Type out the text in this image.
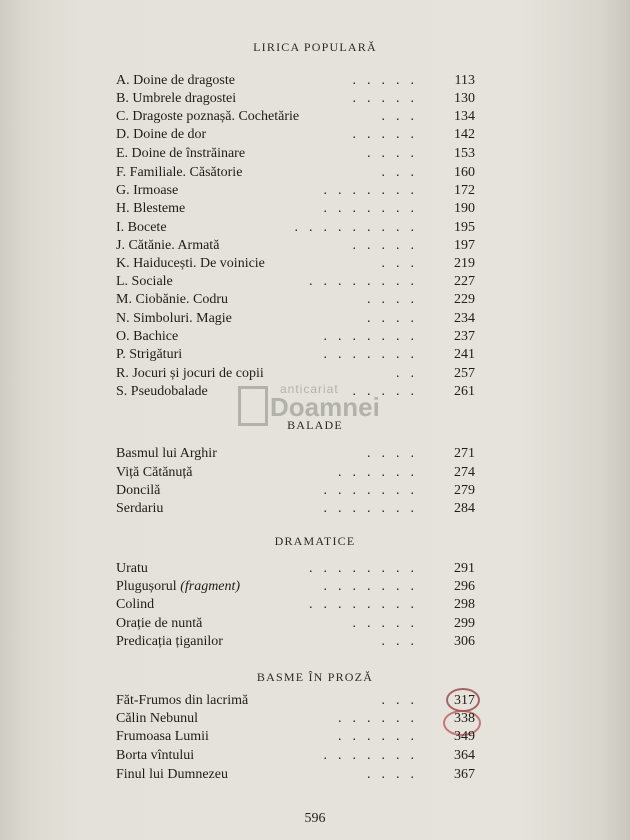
anticariat
Doamnei
LIRICA POPULARĂ
A. Doine de dragoste	..... 113
B. Umbrele dragostei	..... 130
C. Dragoste poznașă. Cochetărie	... 134
D. Doine de dor	..... 142
E. Doine de înstrăinare	.... 153
F. Familiale. Căsătorie	... 160
G. Irmoase	....... 172
H. Blesteme	....... 190
I. Bocete	......... 195
J. Cătănie. Armată	..... 197
K. Haiducești. De voinicie	... 219
L. Sociale	........ 227
M. Ciobănie. Codru	.... 229
N. Simboluri. Magie	.... 234
O. Bachice	....... 237
P. Strigături	....... 241
R. Jocuri și jocuri de copii	.. 257
S. Pseudobalade	..... 261
BALADE
Basmul lui Arghir	.... 271
Viță Cătănuță	...... 274
Doncilă	....... 279
Serdariu	....... 284
DRAMATICE
Uratu	........ 291
Plugușorul (fragment)	....... 296
Colind	........ 298
Orație de nuntă	..... 299
Predicația țiganilor	... 306
BASME ÎN PROZĂ
Făt-Frumos din lacrimă	... 317
Călin Nebunul	...... 338
Frumoasa Lumii	...... 349
Borta vîntului	....... 364
Finul lui Dumnezeu	.... 367
596
